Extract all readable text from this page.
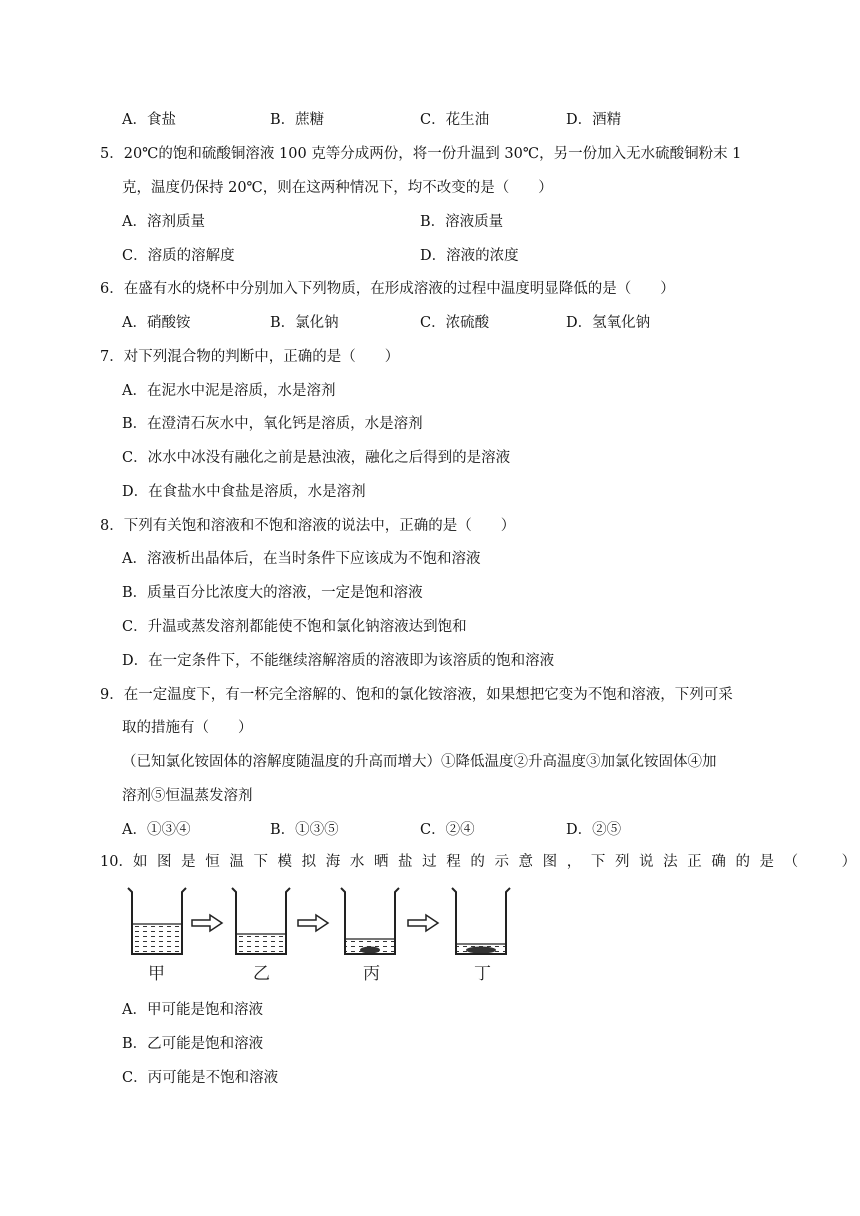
A．食盐	B．蔗糖	C．花生油	D．酒精
5．20℃的饱和硫酸铜溶液 100 克等分成两份，将一份升温到 30℃，另一份加入无水硫酸铜粉末 1
克，温度仍保持 20℃，则在这两种情况下，均不改变的是（　　）
A．溶剂质量	B．溶液质量
C．溶质的溶解度	D．溶液的浓度
6．在盛有水的烧杯中分别加入下列物质，在形成溶液的过程中温度明显降低的是（　　）
A．硝酸铵	B．氯化钠	C．浓硫酸	D．氢氧化钠
7．对下列混合物的判断中，正确的是（　　）
A．在泥水中泥是溶质，水是溶剂
B．在澄清石灰水中，氧化钙是溶质，水是溶剂
C．冰水中冰没有融化之前是悬浊液，融化之后得到的是溶液
D．在食盐水中食盐是溶质，水是溶剂
8．下列有关饱和溶液和不饱和溶液的说法中，正确的是（　　）
A．溶液析出晶体后，在当时条件下应该成为不饱和溶液
B．质量百分比浓度大的溶液，一定是饱和溶液
C．升温或蒸发溶剂都能使不饱和氯化钠溶液达到饱和
D．在一定条件下，不能继续溶解溶质的溶液即为该溶质的饱和溶液
9．在一定温度下，有一杯完全溶解的、饱和的氯化铵溶液，如果想把它变为不饱和溶液，下列可采
取的措施有（　　）
（已知氯化铵固体的溶解度随温度的升高而增大）①降低温度②升高温度③加氯化铵固体④加
溶剂⑤恒温蒸发溶剂
A．①③④	B．①③⑤	C．②④	D．②⑤
10．如图是恒温下模拟海水晒盐过程的示意图，下列说法正确的是（　　　）
甲	乙	丙	丁
A．甲可能是饱和溶液
B．乙可能是饱和溶液
C．丙可能是不饱和溶液
